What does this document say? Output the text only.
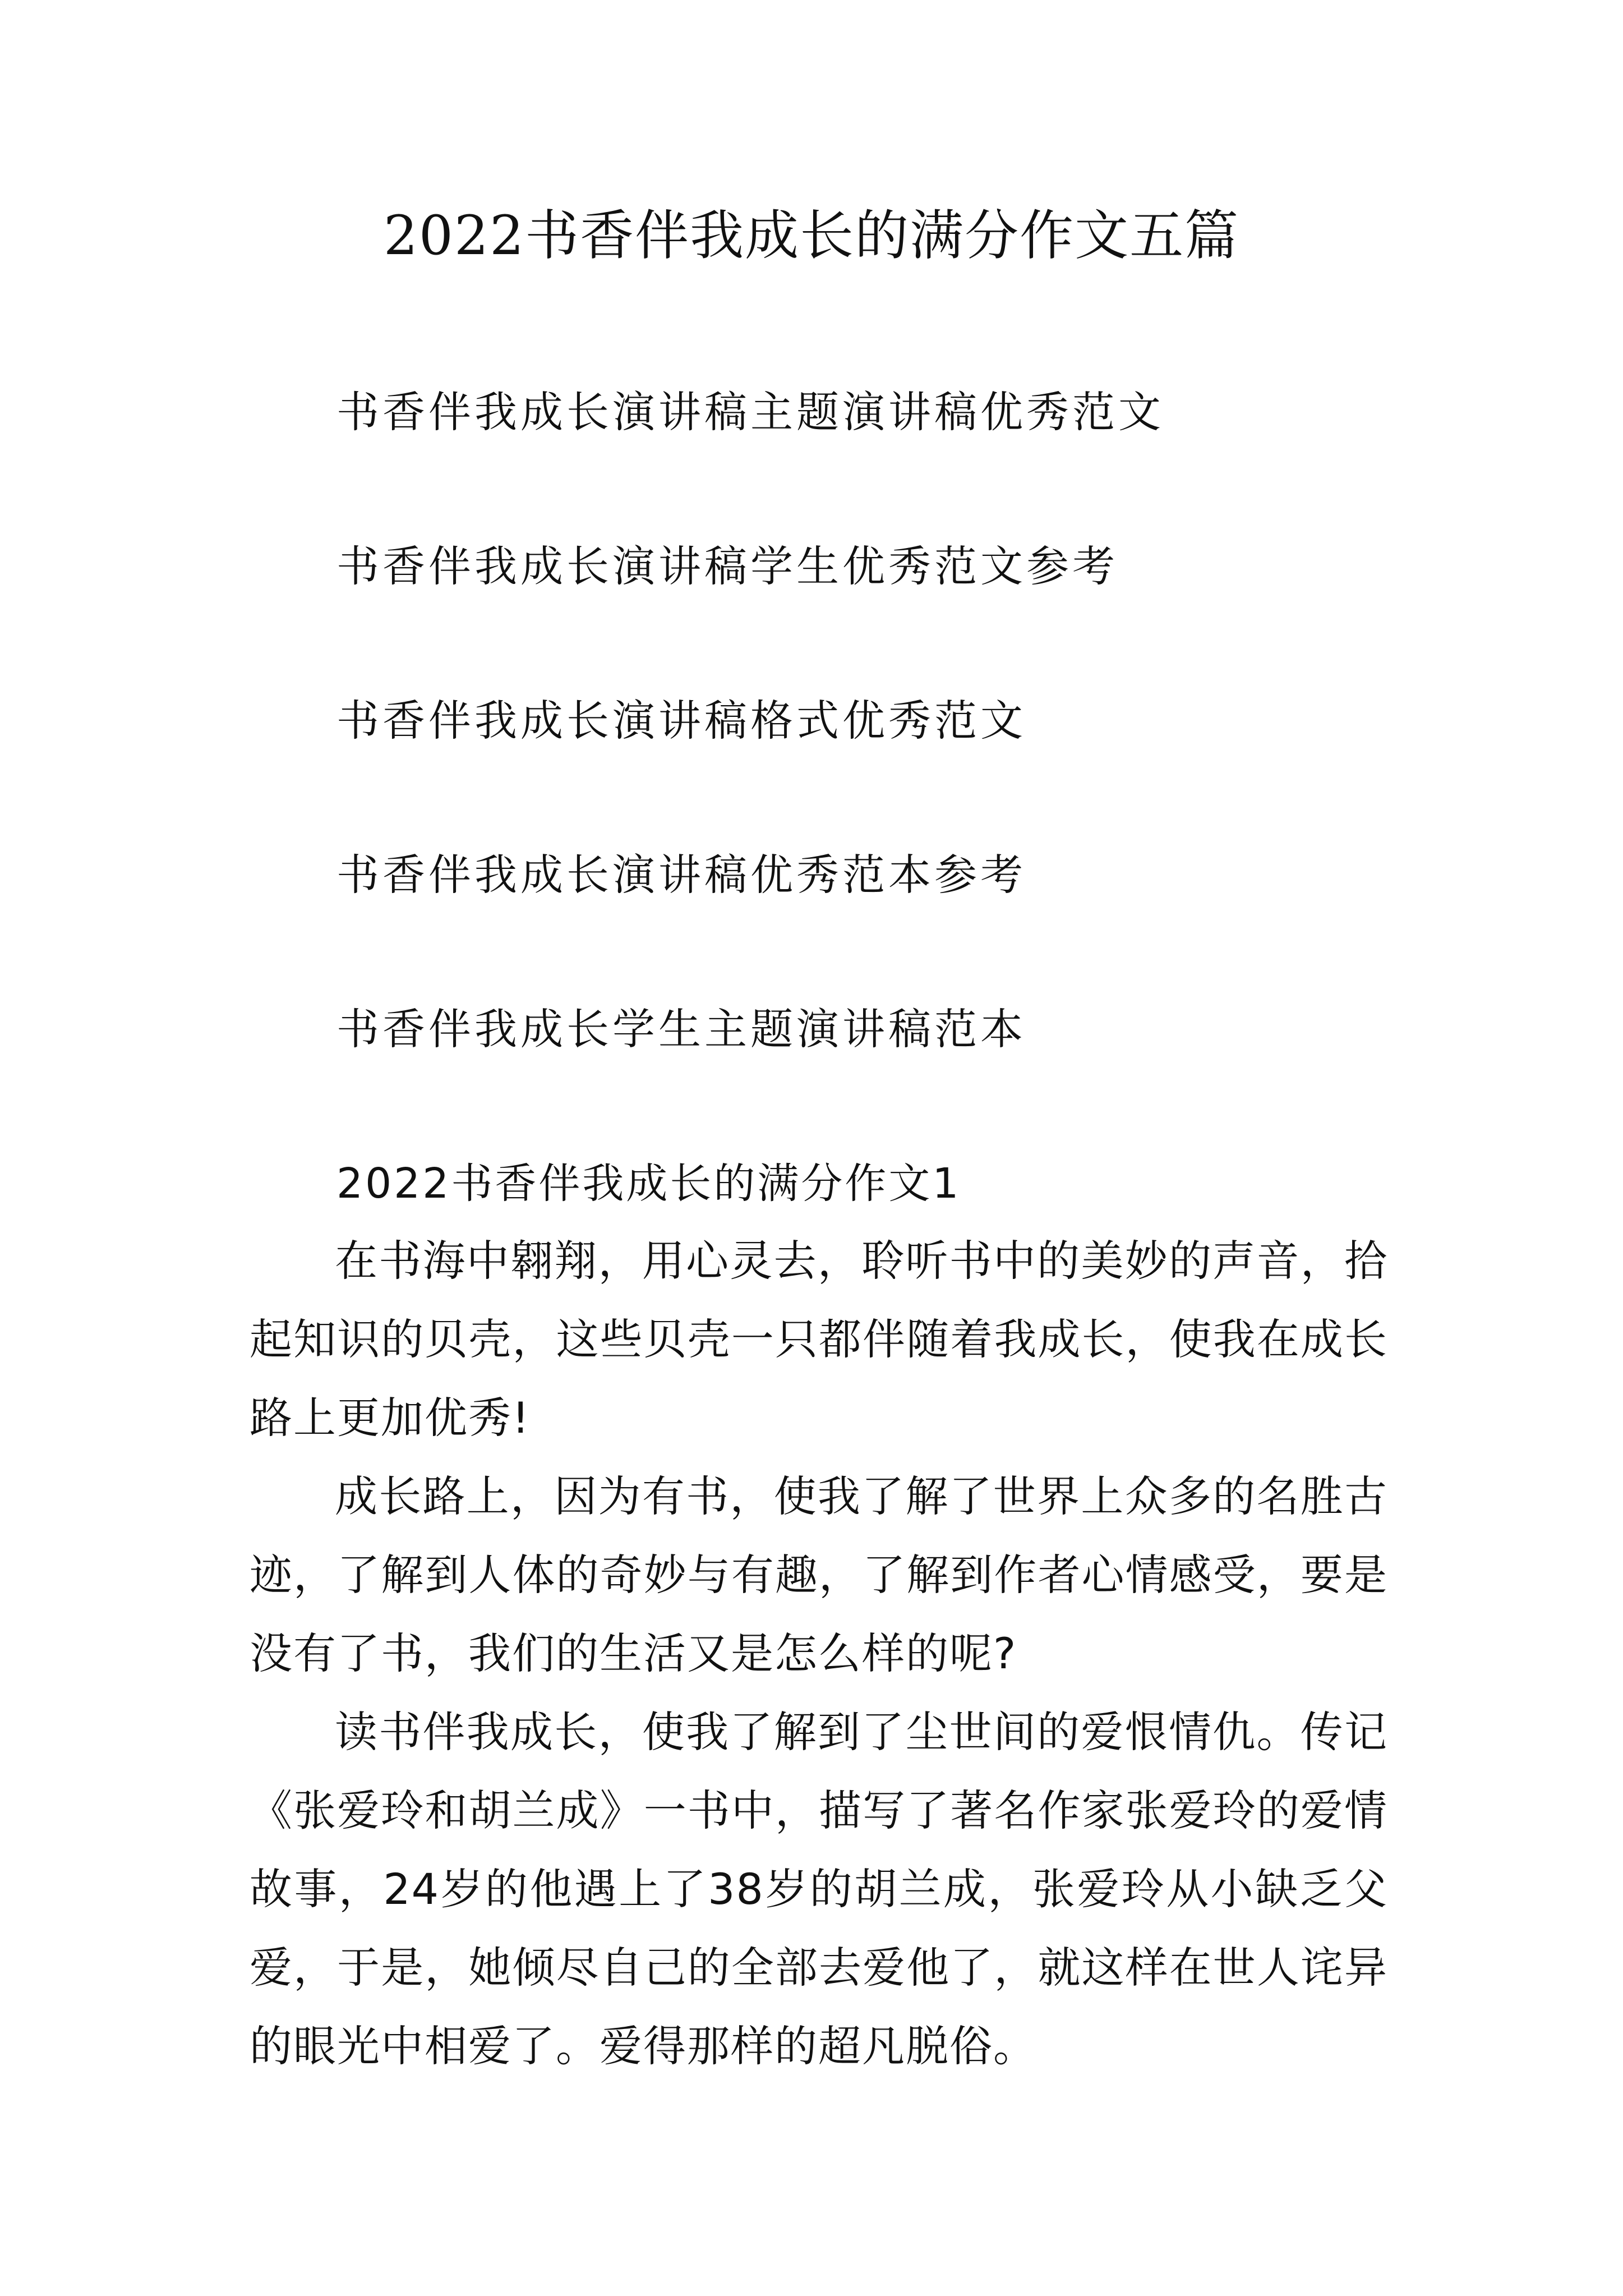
2022书香伴我成长的满分作文五篇
书香伴我成长演讲稿主题演讲稿优秀范文
书香伴我成长演讲稿学生优秀范文参考
书香伴我成长演讲稿格式优秀范文
书香伴我成长演讲稿优秀范本参考
书香伴我成长学生主题演讲稿范本
2022书香伴我成长的满分作文1

在书海中翱翔，用心灵去，聆听书中的美妙的声音，拾起知识的贝壳，这些贝壳一只都伴随着我成长，使我在成长路上更加优秀!

成长路上，因为有书，使我了解了世界上众多的名胜古迹，了解到人体的奇妙与有趣，了解到作者心情感受，要是没有了书，我们的生活又是怎么样的呢?

读书伴我成长，使我了解到了尘世间的爱恨情仇。传记《张爱玲和胡兰成》一书中，描写了著名作家张爱玲的爱情故事，24岁的他遇上了38岁的胡兰成，张爱玲从小缺乏父爱，于是，她倾尽自己的全部去爱他了，就这样在世人诧异的眼光中相爱了。爱得那样的超凡脱俗。
